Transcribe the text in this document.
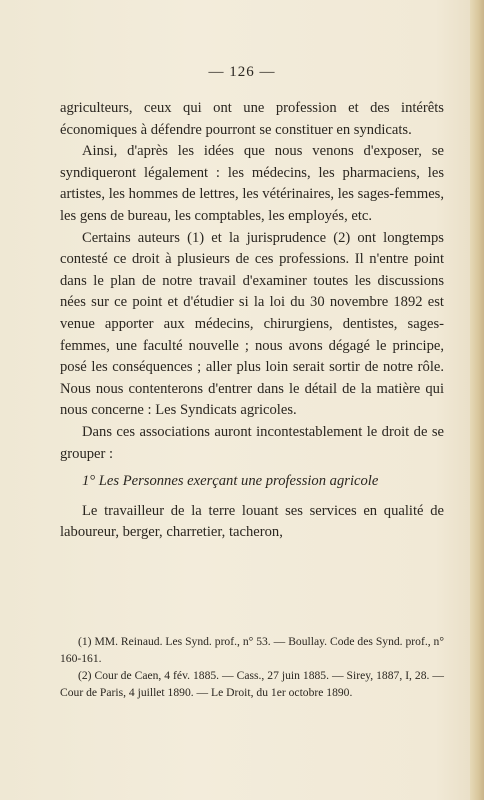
— 126 —

agriculteurs, ceux qui ont une profession et des intérêts économiques à défendre pourront se constituer en syndicats.

Ainsi, d'après les idées que nous venons d'exposer, se syndiqueront légalement : les médecins, les pharmaciens, les artistes, les hommes de lettres, les vétérinaires, les sages-femmes, les gens de bureau, les comptables, les employés, etc.

Certains auteurs (1) et la jurisprudence (2) ont longtemps contesté ce droit à plusieurs de ces professions. Il n'entre point dans le plan de notre travail d'examiner toutes les discussions nées sur ce point et d'étudier si la loi du 30 novembre 1892 est venue apporter aux médecins, chirurgiens, dentistes, sages-femmes, une faculté nouvelle ; nous avons dégagé le principe, posé les conséquences ; aller plus loin serait sortir de notre rôle. Nous nous contenterons d'entrer dans le détail de la matière qui nous concerne : Les Syndicats agricoles.

Dans ces associations auront incontestablement le droit de se grouper :

1° Les Personnes exerçant une profession agricole

Le travailleur de la terre louant ses services en qualité de laboureur, berger, charretier, tacheron,

(1) MM. Reinaud. Les Synd. prof., n° 53. — Boullay. Code des Synd. prof., n° 160-161.

(2) Cour de Caen, 4 fév. 1885. — Cass., 27 juin 1885. — Sirey, 1887, I, 28. — Cour de Paris, 4 juillet 1890. — Le Droit, du 1er octobre 1890.
